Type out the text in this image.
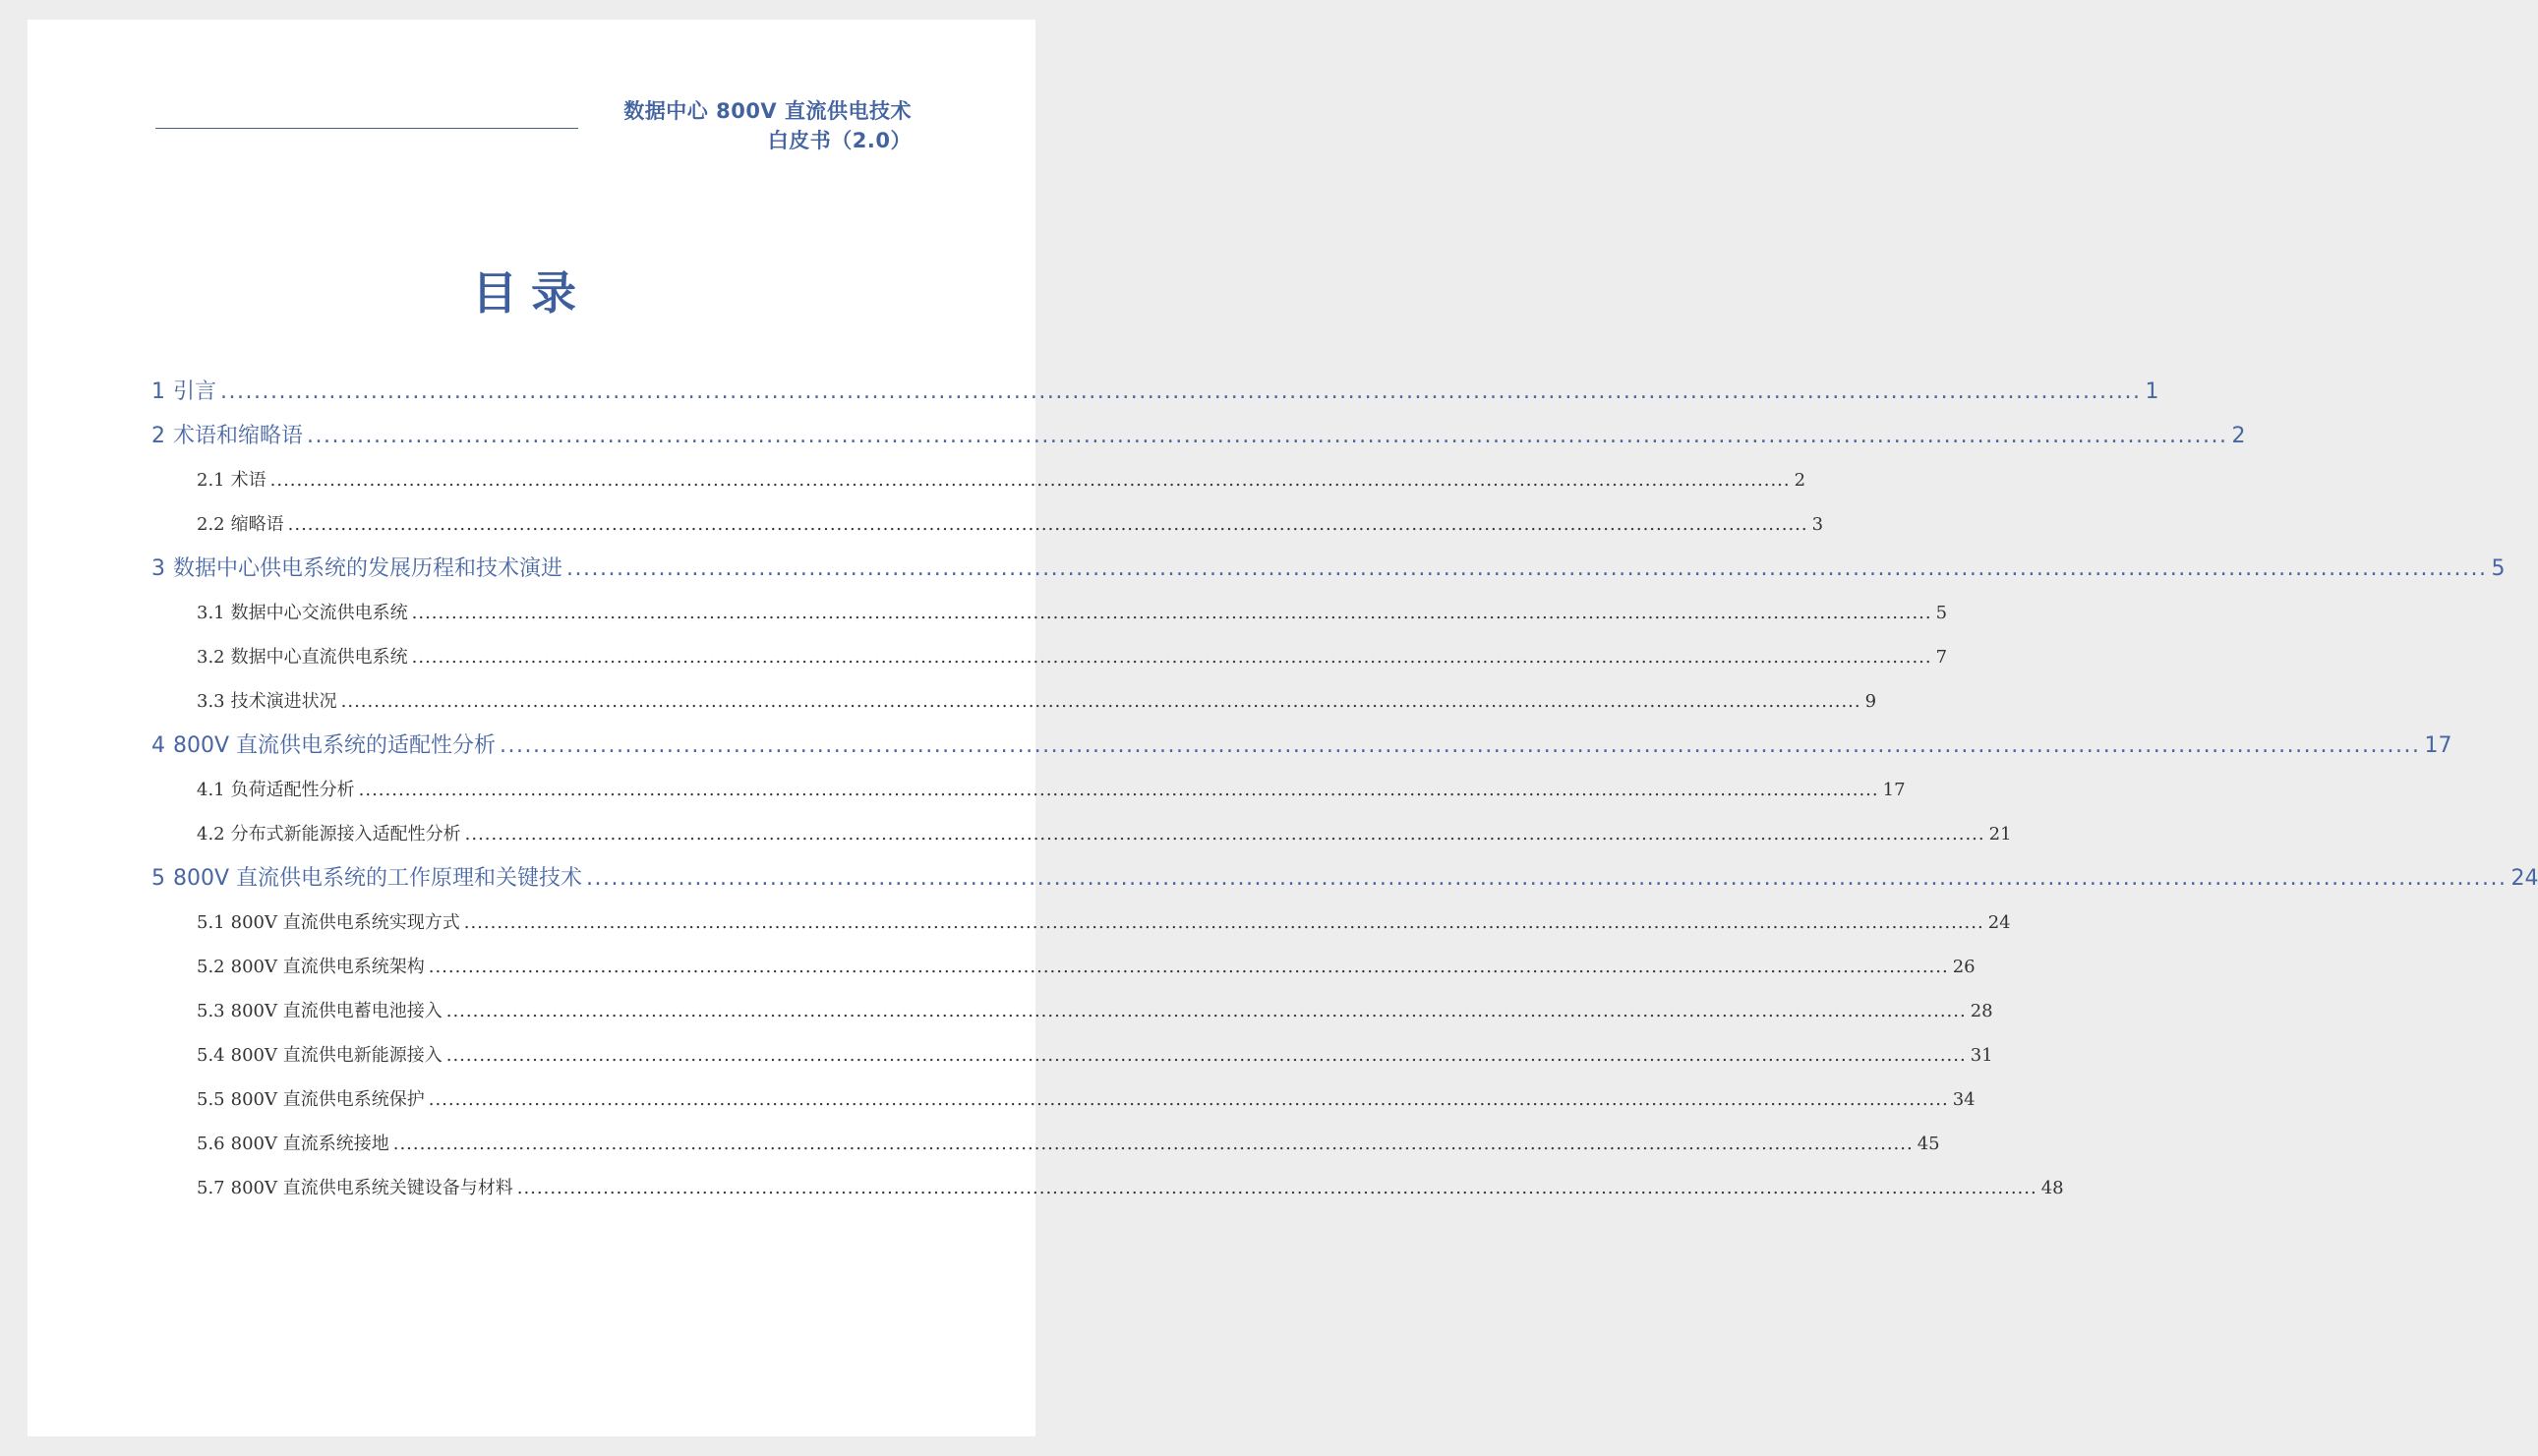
数据中心 800V 直流供电技术
白皮书（2.0）
目录
1 引言 ...................................................................................................................................................................................................................................... 1
2 术语和缩略语 ...................................................................................................................................................................................................................................... 2
2.1 术语 ...................................................................................................................................................................................................................................... 2
2.2 缩略语 ...................................................................................................................................................................................................................................... 3
3 数据中心供电系统的发展历程和技术演进 ...................................................................................................................................................................................................................................... 5
3.1 数据中心交流供电系统 ...................................................................................................................................................................................................................................... 5
3.2 数据中心直流供电系统 ...................................................................................................................................................................................................................................... 7
3.3 技术演进状况 ...................................................................................................................................................................................................................................... 9
4 800V 直流供电系统的适配性分析 ...................................................................................................................................................................................................................................... 17
4.1 负荷适配性分析 ...................................................................................................................................................................................................................................... 17
4.2 分布式新能源接入适配性分析 ...................................................................................................................................................................................................................................... 21
5 800V 直流供电系统的工作原理和关键技术 ...................................................................................................................................................................................................................................... 24
5.1 800V 直流供电系统实现方式 ...................................................................................................................................................................................................................................... 24
5.2 800V 直流供电系统架构 ...................................................................................................................................................................................................................................... 26
5.3 800V 直流供电蓄电池接入 ...................................................................................................................................................................................................................................... 28
5.4 800V 直流供电新能源接入 ...................................................................................................................................................................................................................................... 31
5.5 800V 直流供电系统保护 ...................................................................................................................................................................................................................................... 34
5.6 800V 直流系统接地 ...................................................................................................................................................................................................................................... 45
5.7 800V 直流供电系统关键设备与材料 ...................................................................................................................................................................................................................................... 48
